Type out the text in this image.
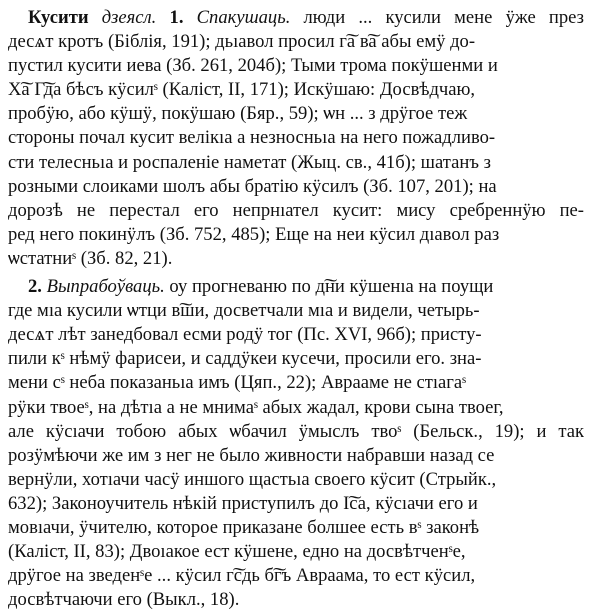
Кусити дзеясл. 1. Спакушаць. люди ... кусили мене ӱже през
десѧт кротъ (Біблія, 191); дьıавол просил г͠а в͠а абы емӱ до-
пустил кусити иева (Зб. 261, 204б); Тыми трома покӱшенми и
Х͠а Г͠да бѣсъ кӱсилˢ (Каліст, II, 171); Искӱшаю: Досвѣдчаю,
пробӱю, або кӱшӱ, покӱшаю (Бяр., 59); ѡн ... з дрӱгое теж
стороны почал кусит велікıа а незносньıа на него пожадливо-
сти телесньıа и роспаленіе наметат (Жыц. св., 41б); шатанъ з
розными слоиками шолъ абы братію кӱсилъ (Зб. 107, 201); на
дорозѣ не перестал его непрнıател кусит: мису сребреннӱю пе-
ред него покинӱлъ (Зб. 752, 485); Еще на неи кӱсил дıавол раз
ѡстатниˢ (Зб. 82, 21).
2. Выпрабоўваць. оу прогневаню по д͠ни кӱшенıа на поущи
где мıа кусили ѡтци в͠ши, досветчали мıа и видели, четырь-
десѧт лѣт занедбовал есми родӱ тог (Пс. XVI, 96б); присту-
пили кˢ нѣмӱ фарисеи, и саддӱкеи кусечи, просили его. зна-
мени сˢ неба показаньıа имъ (Цяп., 22); Аврааме не стıагаˢ
рӱки твоеˢ, на дѣтıа а не мнимаˢ абых жадал, крови сына твоег,
але кӱсıачи тобою абых ѡбачил ӱмыслъ твоˢ (Бельск., 19); и так
розӱмѣючи же им з нег не было живности набравши назад се
вернӱли, хотıачи часӱ иншого щастьıа своего кӱсит (Стрыйк.,
632); Законоучитель нѣкій приступилъ до І͠са, кӱсıачи его и
мовıачи, ӱчителю, которое приказане болшее есть вˢ законѣ
(Каліст, II, 83); Двоıакое ест кӱшене, едно на досвѣтченˢе,
дрӱгое на зведенˢе ... кӱсил г͠сдь б͠гъ Авраама, то ест кӱсил,
досвѣтчаючи его (Выкл., 18).
